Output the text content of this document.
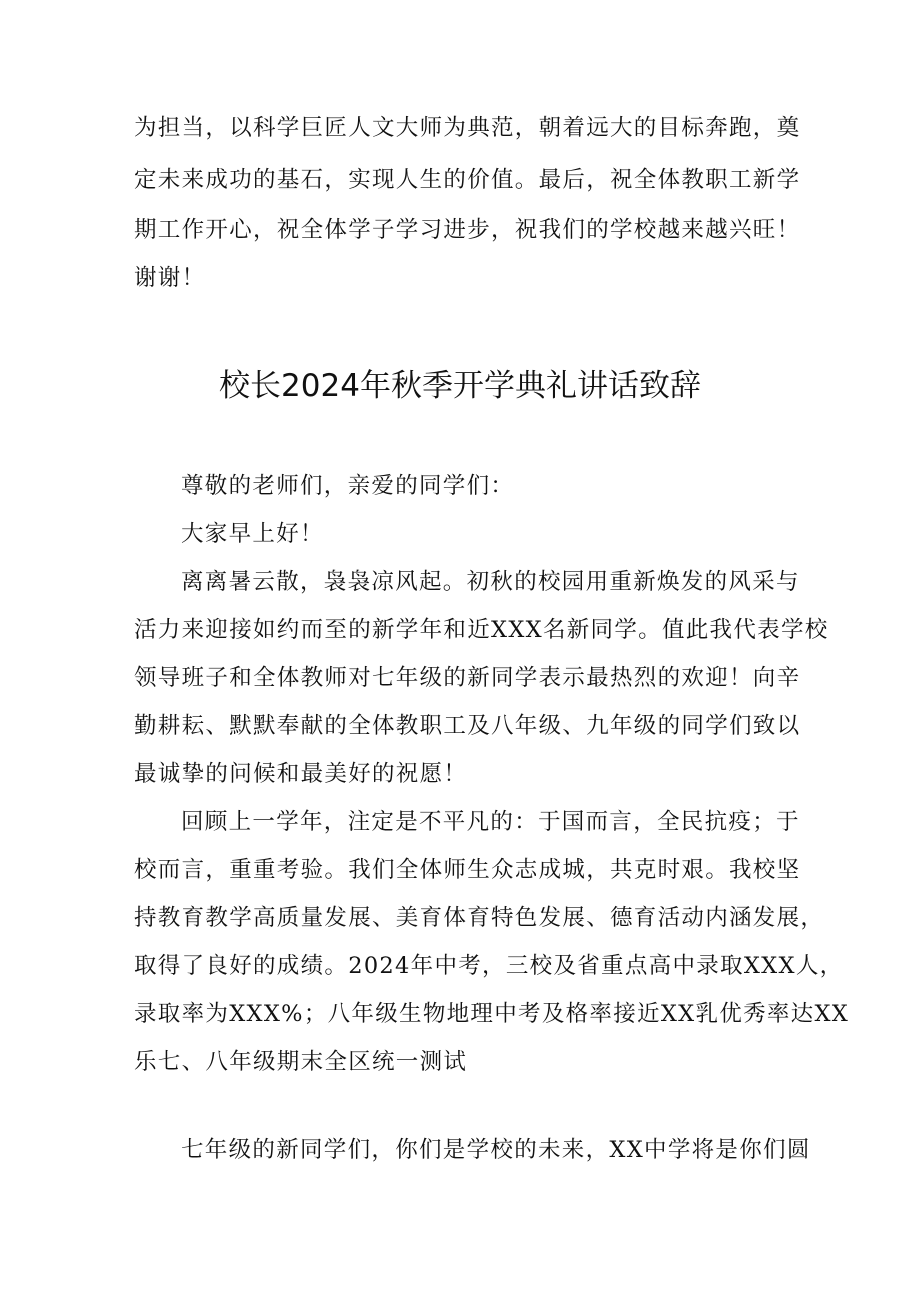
为担当，以科学巨匠人文大师为典范，朝着远大的目标奔跑，奠
定未来成功的基石，实现人生的价值。最后，祝全体教职工新学
期工作开心，祝全体学子学习进步，祝我们的学校越来越兴旺！
谢谢！
校长2024年秋季开学典礼讲话致辞
尊敬的老师们，亲爱的同学们：
大家早上好！
离离暑云散，袅袅凉风起。初秋的校园用重新焕发的风采与
活力来迎接如约而至的新学年和近XXX名新同学。值此我代表学校
领导班子和全体教师对七年级的新同学表示最热烈的欢迎！向辛
勤耕耘、默默奉献的全体教职工及八年级、九年级的同学们致以
最诚挚的问候和最美好的祝愿！
回顾上一学年，注定是不平凡的：于国而言，全民抗疫；于
校而言，重重考验。我们全体师生众志成城，共克时艰。我校坚
持教育教学高质量发展、美育体育特色发展、德育活动内涵发展，
取得了良好的成绩。2024年中考，三校及省重点高中录取XXX人，
录取率为XXX%；八年级生物地理中考及格率接近XX乳优秀率达XX
乐七、八年级期末全区统一测试
七年级的新同学们，你们是学校的未来，XX中学将是你们圆
